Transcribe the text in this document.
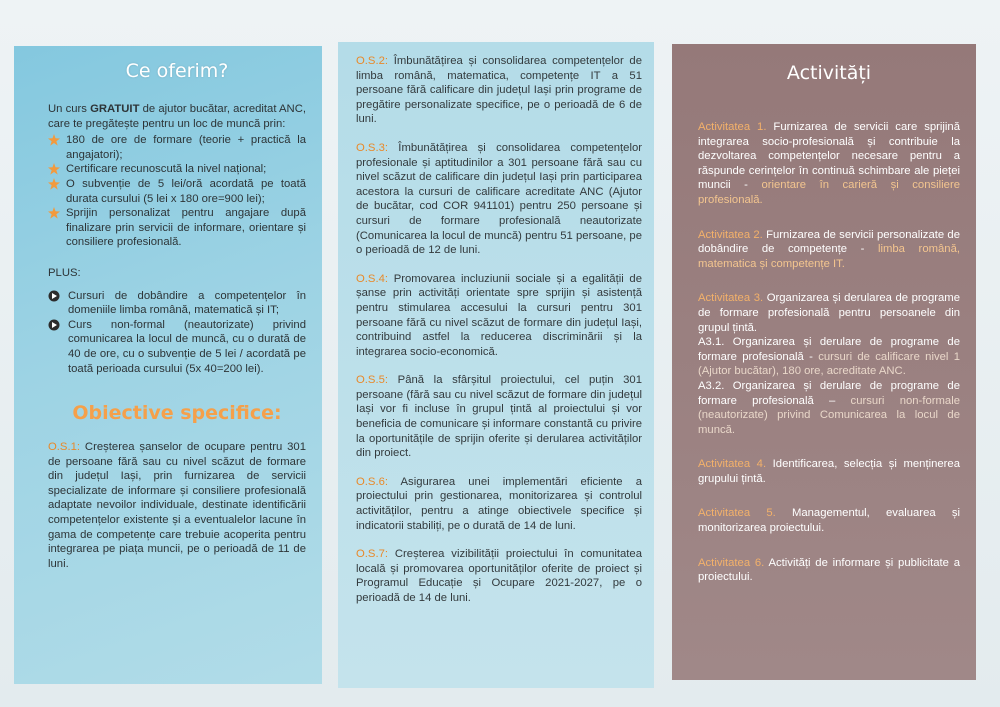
Ce oferim?

Un curs GRATUIT de ajutor bucătar, acreditat ANC, care te pregătește pentru un loc de muncă prin:

180 de ore de formare (teorie + practică la angajatori);
Certificare recunoscută la nivel național;
O subvenție de 5 lei/oră acordată pe toată durata cursului (5 lei x 180 ore=900 lei);
Sprijin personalizat pentru angajare după finalizare prin servicii de informare, orientare și consiliere profesională.

PLUS:

Cursuri de dobândire a competențelor în domeniile limba română, matematică și IT;
Curs non-formal (neautorizate) privind comunicarea la locul de muncă, cu o durată de 40 de ore, cu o subvenție de 5 lei / acordată pe toată perioada cursului (5x 40=200 lei).
Obiective specifice:

O.S.1: Creșterea șanselor de ocupare pentru 301 de persoane fără sau cu nivel scăzut de formare din județul Iași, prin furnizarea de servicii specializate de informare și consiliere profesională adaptate nevoilor individuale, destinate identificării competențelor existente și a eventualelor lacune în gama de competențe care trebuie acoperita pentru integrarea pe piața muncii, pe o perioadă de 11 de luni.

O.S.2: Îmbunătățirea și consolidarea competențelor de limba română, matematica, competențe IT a 51 persoane fără calificare din județul Iași prin programe de pregătire personalizate specifice, pe o perioadă de 6 de luni.

O.S.3: Îmbunătățirea și consolidarea competențelor profesionale și aptitudinilor a 301 persoane fără sau cu nivel scăzut de calificare din județul Iași prin participarea acestora la cursuri de calificare acreditate ANC (Ajutor de bucătar, cod COR 941101) pentru 250 persoane și cursuri de formare profesională neautorizate (Comunicarea la locul de muncă) pentru 51 persoane, pe o perioadă de 12 de luni.

O.S.4: Promovarea incluziunii sociale și a egalității de șanse prin activități orientate spre sprijin și asistență pentru stimularea accesului la cursuri pentru 301 persoane fără cu nivel scăzut de formare din județul Iași, contribuind astfel la reducerea discriminării și la integrarea socio-economică.

O.S.5: Până la sfârșitul proiectului, cel puțin 301 persoane (fără sau cu nivel scăzut de formare din județul Iași vor fi incluse în grupul țintă al proiectului și vor beneficia de comunicare și informare constantă cu privire la oportunitățile de sprijin oferite și derularea activităților din proiect.

O.S.6: Asigurarea unei implementări eficiente a proiectului prin gestionarea, monitorizarea și controlul activităților, pentru a atinge obiectivele specifice și indicatorii stabiliți, pe o durată de 14 de luni.

O.S.7: Creșterea vizibilității proiectului în comunitatea locală și promovarea oportunităților oferite de proiect și Programul Educație și Ocupare 2021-2027, pe o perioadă de 14 de luni.

Activități

Activitatea 1. Furnizarea de servicii care sprijină integrarea socio-profesională și contribuie la dezvoltarea competențelor necesare pentru a răspunde cerințelor în continuă schimbare ale pieței muncii - orientare în carieră și consiliere profesională.

Activitatea 2. Furnizarea de servicii personalizate de dobândire de competențe - limba română, matematica și competențe IT.

Activitatea 3. Organizarea și derularea de programe de formare profesională pentru persoanele din grupul țintă.
A3.1. Organizarea și derulare de programe de formare profesională - cursuri de calificare nivel 1 (Ajutor bucătar), 180 ore, acreditate ANC.
A3.2. Organizarea și derulare de programe de formare profesională – cursuri non-formale (neautorizate) privind Comunicarea la locul de muncă.

Activitatea 4. Identificarea, selecția și menținerea grupului țintă.

Activitatea 5. Managementul, evaluarea și monitorizarea proiectului.

Activitatea 6. Activități de informare și publicitate a proiectului.
